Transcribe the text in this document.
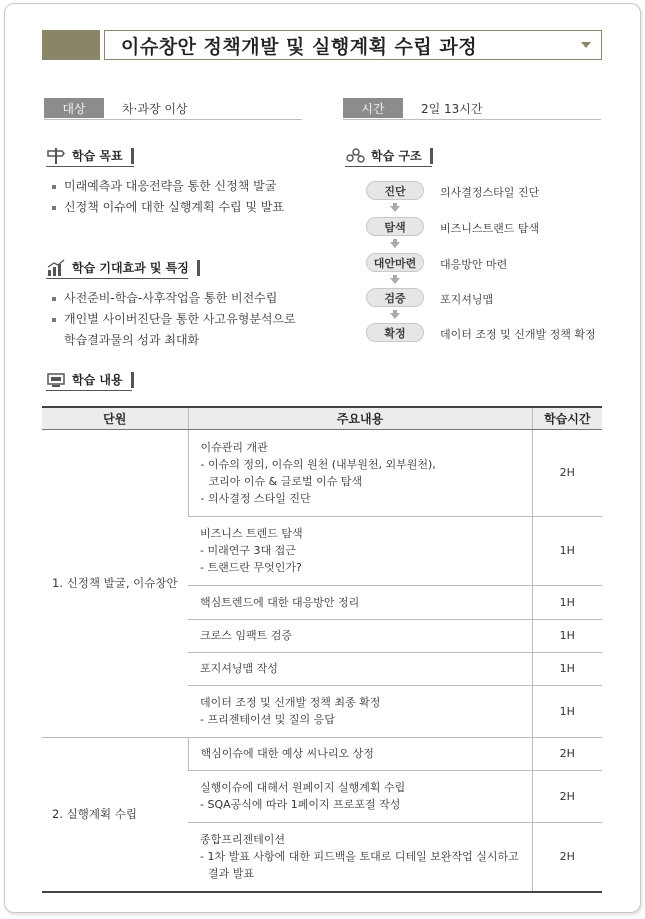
이슈창안 정책개발 및 실행계획 수립 과정
대상	차·과장 이상	시간	2일 13시간
학습 목표
미래예측과 대응전략을 통한 신정책 발굴
신정책 이슈에 대한 실행계획 수립 및 발표
학습 기대효과 및 특징
사전준비-학습-사후작업을 통한 비전수립
개인별 사이버진단을 통한 사고유형분석으로
학습결과물의 성과 최대화
학습 구조
진단	의사결정스타일 진단
탐색	비즈니스트랜드 탐색
대안마련	대응방안 마련
검증	포지셔닝맵
확정	데이터 조정 및 신개발 정책 확정
학습 내용
단원	주요내용	학습시간
1. 신정책 발굴, 이슈창안	이슈관리 개관
- 이슈의 정의, 이슈의 원천 (내부원천, 외부원천),
코리아 이슈 & 글로벌 이슈 탐색
- 의사결정 스타일 진단	2H

	비즈니스 트렌드 탐색
- 미래연구 3대 접근
- 트랜드란 무엇인가?	1H

	핵심트렌드에 대한 대응방안 정리	1H

	크로스 임팩트 검증	1H

	포지셔닝맵 작성	1H

	데이터 조정 및 신개발 정책 최종 확정
- 프리젠테이션 및 질의 응답	1H
2. 실행계획 수립	핵심이슈에 대한 예상 씨나리오 상정	2H

	실행이슈에 대해서 원페이지 실행계획 수립
- SQA공식에 따라 1페이지 프로포절 작성	2H

	종합프리젠테이션
- 1차 발표 사항에 대한 피드백을 토대로 디테일 보완작업 실시하고
결과 발표	2H
